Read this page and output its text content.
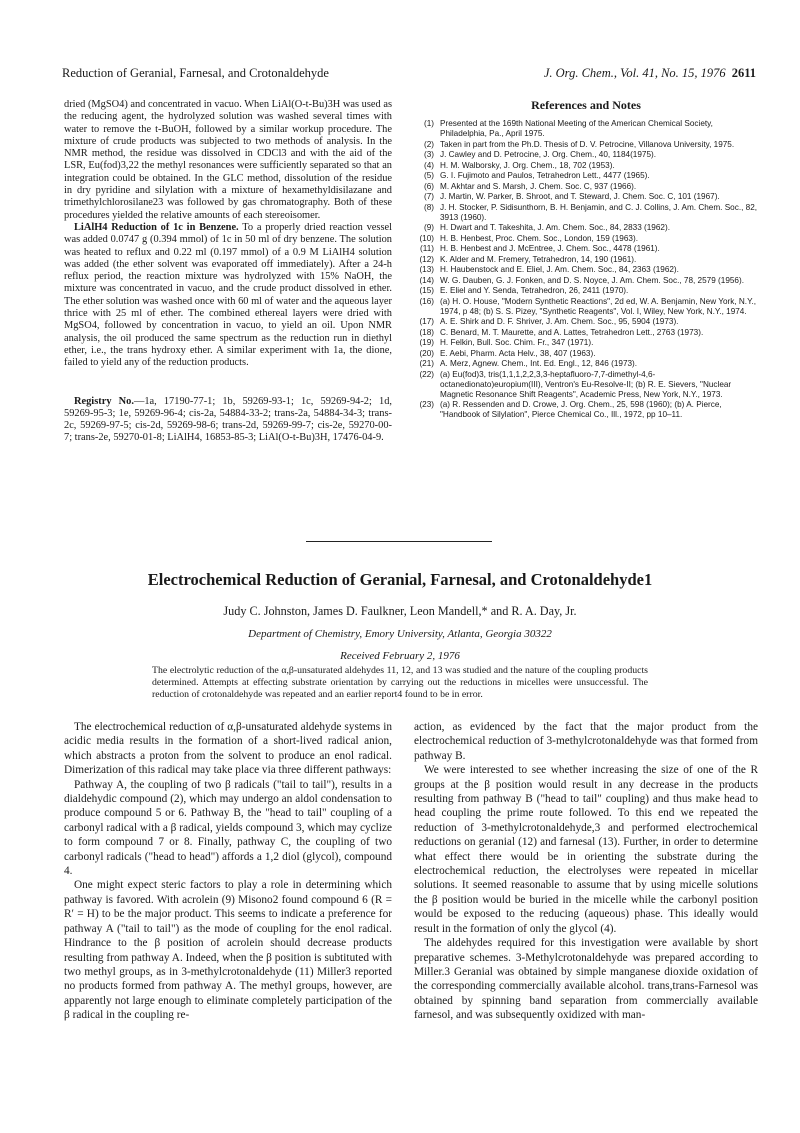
Reduction of Geranial, Farnesal, and Crotonaldehyde	J. Org. Chem., Vol. 41, No. 15, 1976 2611

dried (MgSO4) and concentrated in vacuo. When LiAl(O-t-Bu)3H was used as the reducing agent, the hydrolyzed solution was washed several times with water to remove the t-BuOH, followed by a similar workup procedure. The mixture of crude products was subjected to two methods of analysis. In the NMR method, the residue was dissolved in CDCl3 and with the aid of the LSR, Eu(fod)3,22 the methyl resonances were sufficiently separated so that an integration could be obtained. In the GLC method, dissolution of the residue in dry pyridine and silylation with a mixture of hexamethyldisilazane and trimethylchlorosilane23 was followed by gas chromatography. Both of these procedures yielded the relative amounts of each stereoisomer.

LiAlH4 Reduction of 1c in Benzene. To a properly dried reaction vessel was added 0.0747 g (0.394 mmol) of 1c in 50 ml of dry benzene. The solution was heated to reflux and 0.22 ml (0.197 mmol) of a 0.9 M LiAlH4 solution was added (the ether solvent was evaporated off immediately). After a 24-h reflux period, the reaction mixture was hydrolyzed with 15% NaOH, the mixture was concentrated in vacuo, and the crude product dissolved in ether. The ether solution was washed once with 60 ml of water and the aqueous layer thrice with 25 ml of ether. The combined ethereal layers were dried with MgSO4, followed by concentration in vacuo, to yield an oil. Upon NMR analysis, the oil produced the same spectrum as the reduction run in diethyl ether, i.e., the trans hydroxy ether. A similar experiment with 1a, the dione, failed to yield any of the reduction products.

Registry No.—1a, 17190-77-1; 1b, 59269-93-1; 1c, 59269-94-2; 1d, 59269-95-3; 1e, 59269-96-4; cis-2a, 54884-33-2; trans-2a, 54884-34-3; trans-2c, 59269-97-5; cis-2d, 59269-98-6; trans-2d, 59269-99-7; cis-2e, 59270-00-7; trans-2e, 59270-01-8; LiAlH4, 16853-85-3; LiAl(O-t-Bu)3H, 17476-04-9.

References and Notes
(1) Presented at the 169th National Meeting of the American Chemical Society, Philadelphia, Pa., April 1975.
(2) Taken in part from the Ph.D. Thesis of D. V. Petrocine, Villanova University, 1975.
(3) J. Cawley and D. Petrocine, J. Org. Chem., 40, 1184(1975).
(4) H. M. Walborsky, J. Org. Chem., 18, 702 (1953).
(5) G. I. Fujimoto and Paulos, Tetrahedron Lett., 4477 (1965).
(6) M. Akhtar and S. Marsh, J. Chem. Soc. C, 937 (1966).
(7) J. Martin, W. Parker, B. Shroot, and T. Steward, J. Chem. Soc. C, 101 (1967).
(8) J. H. Stocker, P. Sidisunthorn, B. H. Benjamin, and C. J. Collins, J. Am. Chem. Soc., 82, 3913 (1960).
(9) H. Dwart and T. Takeshita, J. Am. Chem. Soc., 84, 2833 (1962).
(10) H. B. Henbest, Proc. Chem. Soc., London, 159 (1963).
(11) H. B. Henbest and J. McEntree, J. Chem. Soc., 4478 (1961).
(12) K. Alder and M. Fremery, Tetrahedron, 14, 190 (1961).
(13) H. Haubenstock and E. Eliel, J. Am. Chem. Soc., 84, 2363 (1962).
(14) W. G. Dauben, G. J. Fonken, and D. S. Noyce, J. Am. Chem. Soc., 78, 2579 (1956).
(15) E. Eliel and Y. Senda, Tetrahedron, 26, 2411 (1970).
(16) (a) H. O. House, "Modern Synthetic Reactions", 2d ed, W. A. Benjamin, New York, N.Y., 1974, p 48; (b) S. S. Pizey, "Synthetic Reagents", Vol. I, Wiley, New York, N.Y., 1974.
(17) A. E. Shirk and D. F. Shriver, J. Am. Chem. Soc., 95, 5904 (1973).
(18) C. Benard, M. T. Maurette, and A. Lattes, Tetrahedron Lett., 2763 (1973).
(19) H. Felkin, Bull. Soc. Chim. Fr., 347 (1971).
(20) E. Aebi, Pharm. Acta Helv., 38, 407 (1963).
(21) A. Merz, Agnew. Chem., Int. Ed. Engl., 12, 846 (1973).
(22) (a) Eu(fod)3, tris(1,1,1,2,2,3,3-heptafluoro-7,7-dimethyl-4,6-octanedionato)europium(III), Ventron's Eu-Resolve-II; (b) R. E. Sievers, "Nuclear Magnetic Resonance Shift Reagents", Academic Press, New York, N.Y., 1973.
(23) (a) R. Ressenden and D. Crowe, J. Org. Chem., 25, 598 (1960); (b) A. Pierce, "Handbook of Silylation", Pierce Chemical Co., Ill., 1972, pp 10–11.
Electrochemical Reduction of Geranial, Farnesal, and Crotonaldehyde1
Judy C. Johnston, James D. Faulkner, Leon Mandell,* and R. A. Day, Jr.
Department of Chemistry, Emory University, Atlanta, Georgia 30322
Received February 2, 1976
The electrolytic reduction of the α,β-unsaturated aldehydes 11, 12, and 13 was studied and the nature of the coupling products determined. Attempts at effecting substrate orientation by carrying out the reductions in micelles were unsuccessful. The reduction of crotonaldehyde was repeated and an earlier report4 found to be in error.

The electrochemical reduction of α,β-unsaturated aldehyde systems in acidic media results in the formation of a short-lived radical anion, which abstracts a proton from the solvent to produce an enol radical. Dimerization of this radical may take place via three different pathways:

Pathway A, the coupling of two β radicals ("tail to tail"), results in a dialdehydic compound (2), which may undergo an aldol condensation to produce compound 5 or 6. Pathway B, the "head to tail" coupling of a carbonyl radical with a β radical, yields compound 3, which may cyclize to form compound 7 or 8. Finally, pathway C, the coupling of two carbonyl radicals ("head to head") affords a 1,2 diol (glycol), compound 4.

One might expect steric factors to play a role in determining which pathway is favored. With acrolein (9) Misono2 found compound 6 (R = R′ = H) to be the major product. This seems to indicate a preference for pathway A ("tail to tail") as the mode of coupling for the enol radical. Hindrance to the β position of acrolein should decrease products resulting from pathway A. Indeed, when the β position is subtituted with two methyl groups, as in 3-methylcrotonaldehyde (11) Miller3 reported no products formed from pathway A. The methyl groups, however, are apparently not large enough to eliminate completely participation of the β radical in the coupling re-

action, as evidenced by the fact that the major product from the electrochemical reduction of 3-methylcrotonaldehyde was that formed from pathway B.

We were interested to see whether increasing the size of one of the R groups at the β position would result in any decrease in the products resulting from pathway B ("head to tail" coupling) and thus make head to head coupling the prime route followed. To this end we repeated the reduction of 3-methylcrotonaldehyde,3 and performed electrochemical reductions on geranial (12) and farnesal (13). Further, in order to determine what effect there would be in orienting the substrate during the electrochemical reduction, the electrolyses were repeated in micellar solutions. It seemed reasonable to assume that by using micelle solutions the β position would be buried in the micelle while the carbonyl position would be exposed to the reducing (aqueous) phase. This ideally would result in the formation of only the glycol (4).

The aldehydes required for this investigation were available by short preparative schemes. 3-Methylcrotonaldehyde was prepared according to Miller.3 Geranial was obtained by simple manganese dioxide oxidation of the corresponding commercially available alcohol. trans,trans-Farnesol was obtained by spinning band separation from commercially available farnesol, and was subsequently oxidized with man-
